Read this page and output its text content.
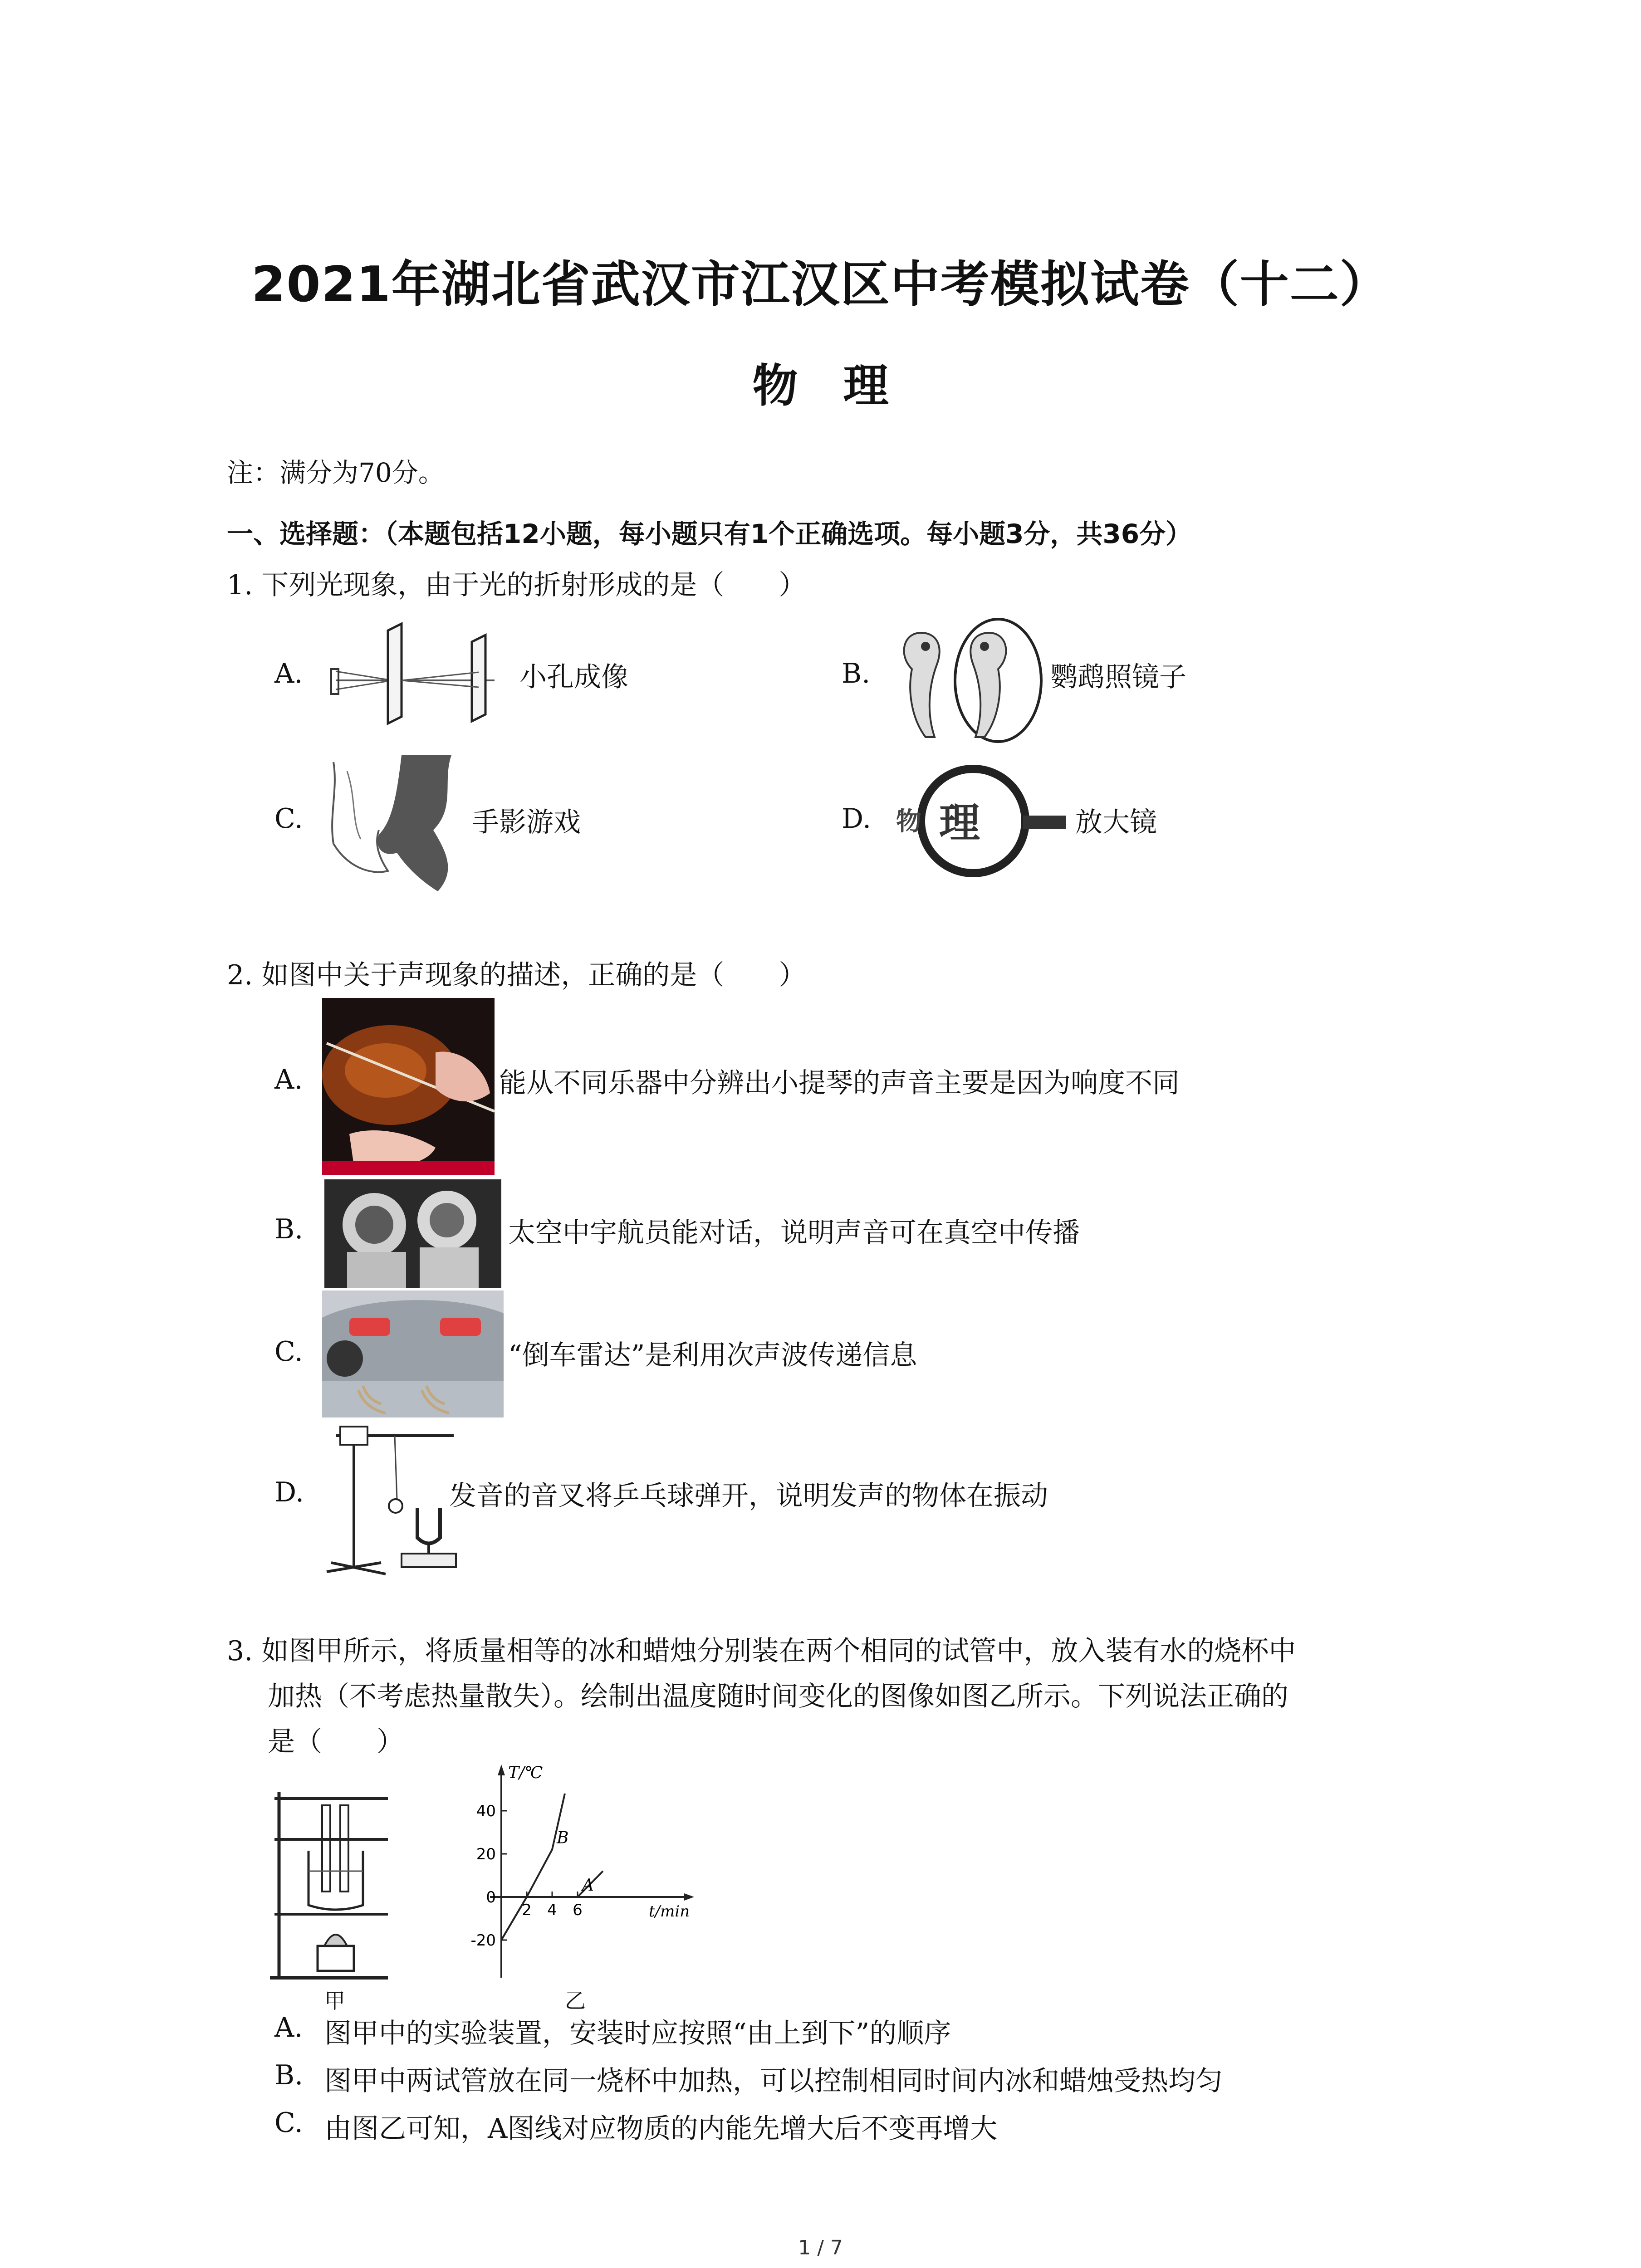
2021年湖北省武汉市江汉区中考模拟试卷（十二）
物　理
注：满分为70分。
一、选择题：（本题包括12小题，每小题只有1个正确选项。每小题3分，共36分）
1. 下列光现象，由于光的折射形成的是（　　）
A.	小孔成像	B.	鹦鹉照镜子
C.	手影游戏	D. 物 理	放大镜
2. 如图中关于声现象的描述，正确的是（　　）
A.	能从不同乐器中分辨出小提琴的声音主要是因为响度不同
B.	太空中宇航员能对话，说明声音可在真空中传播
C.	“倒车雷达”是利用次声波传递信息
D.	发音的音叉将乒乓球弹开，说明发声的物体在振动
3. 如图甲所示，将质量相等的冰和蜡烛分别装在两个相同的试管中，放入装有水的烧杯中
加热（不考虑热量散失）。绘制出温度随时间变化的图像如图乙所示。下列说法正确的
是（　　）
甲
T/℃
t/min
40
20
0
-20
2 4 6
B
A
乙
A. 图甲中的实验装置，安装时应按照“由上到下”的顺序
B. 图甲中两试管放在同一烧杯中加热，可以控制相同时间内冰和蜡烛受热均匀
C. 由图乙可知，A图线对应物质的内能先增大后不变再增大
1 / 7
